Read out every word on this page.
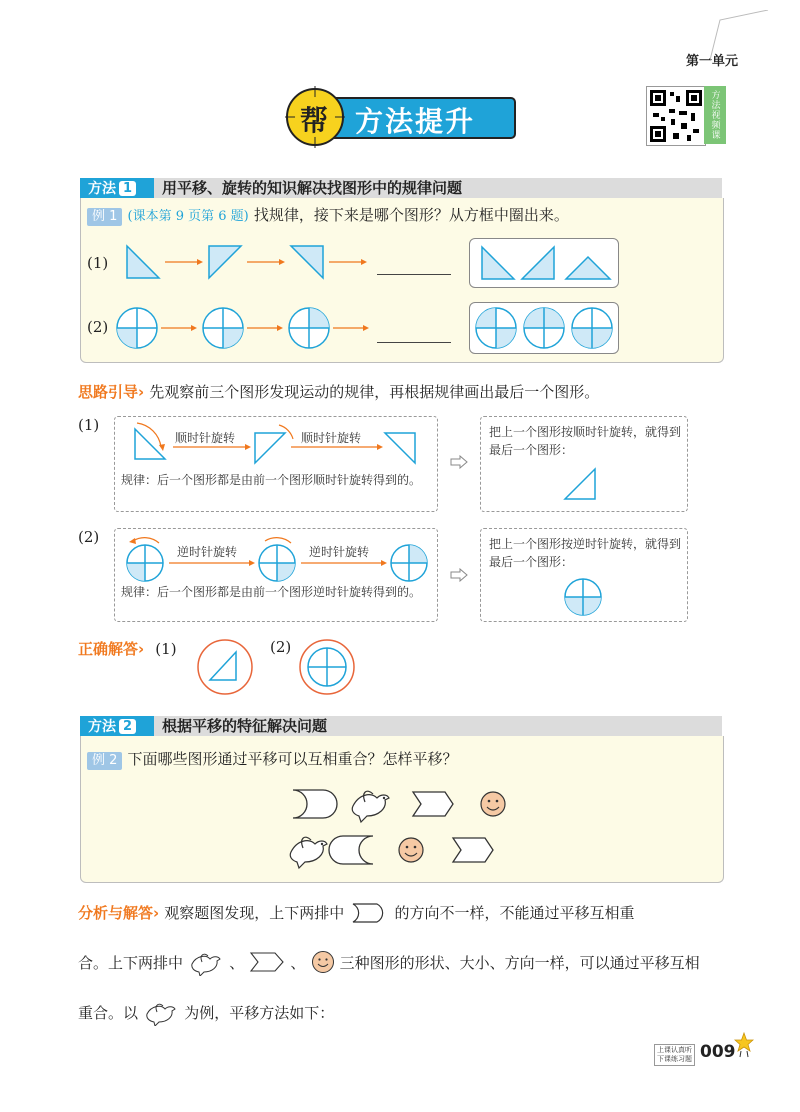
第一单元
帮 方法提升	方法视频课
方法 1 用平移、旋转的知识解决找图形中的规律问题
例 1 (课本第 9 页第 6 题) 找规律，接下来是哪个图形？从方框中圈出来。
(1)
(2)
思路引导› 先观察前三个图形发现运动的规律，再根据规律画出最后一个图形。
(1)
顺时针旋转	顺时针旋转
规律：后一个图形都是由前一个图形顺时针旋转得到的。
把上一个图形按顺时针旋转，就得到最后一个图形：
(2)
逆时针旋转	逆时针旋转
规律：后一个图形都是由前一个图形逆时针旋转得到的。
把上一个图形按逆时针旋转，就得到最后一个图形：
正确解答› (1)	(2)
方法 2 根据平移的特征解决问题
例 2 下面哪些图形通过平移可以互相重合？怎样平移？
分析与解答› 观察题图发现，上下两排中	的方向不一样，不能通过平移互相重
合。上下两排中	、	、 三种图形的形状、大小、方向一样，可以通过平移互相
重合。以	为例，平移方法如下：
上课认真听
下课练习题 009
